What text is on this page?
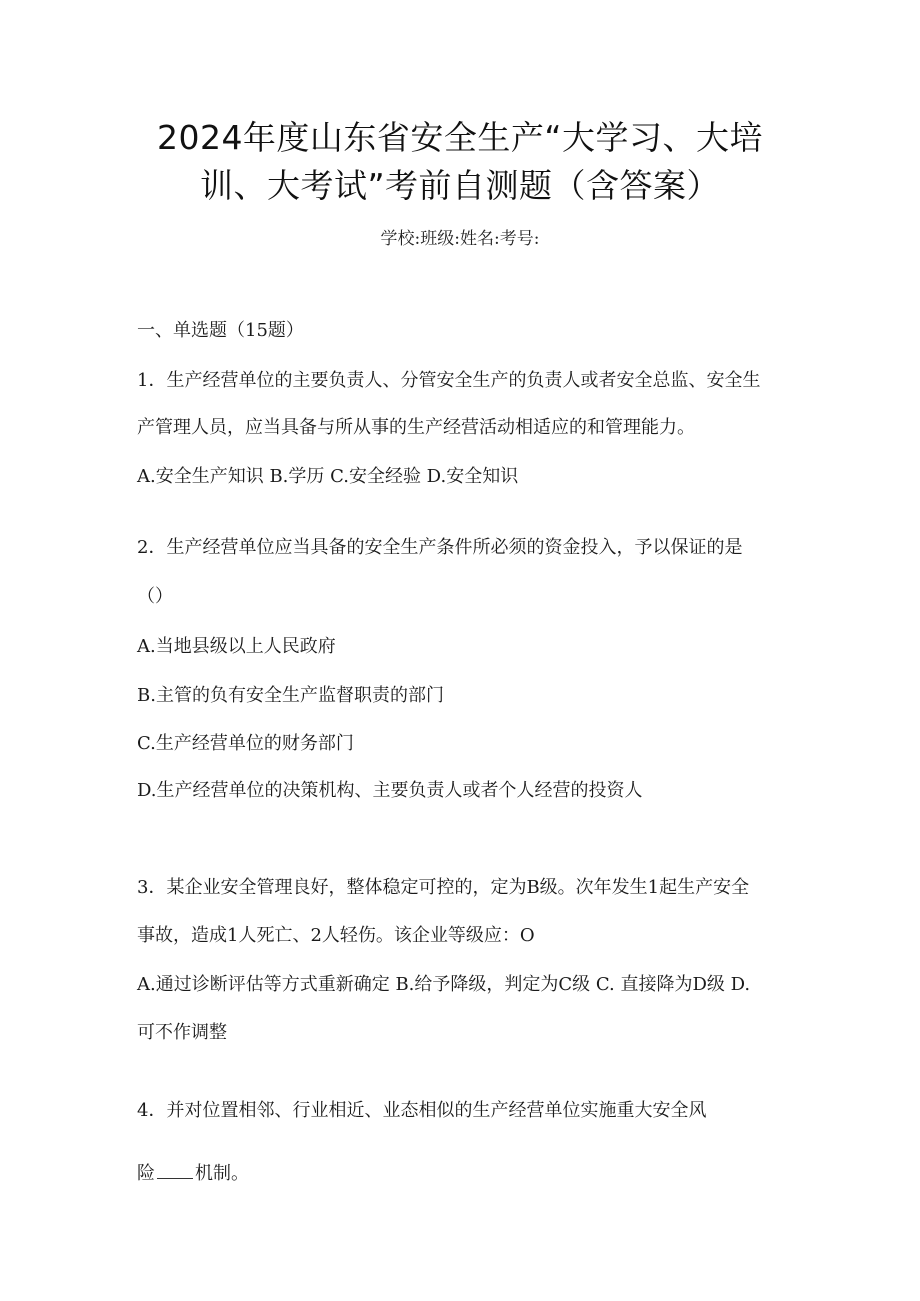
2024年度山东省安全生产“大学习、大培
训、大考试”考前自测题（含答案）
学校:班级:姓名:考号:
一、单选题（15题）
1．生产经营单位的主要负责人、分管安全生产的负责人或者安全总监、安全生
产管理人员，应当具备与所从事的生产经营活动相适应的和管理能力。
A.安全生产知识 B.学历 C.安全经验 D.安全知识
2．生产经营单位应当具备的安全生产条件所必须的资金投入，予以保证的是
（）
A.当地县级以上人民政府
B.主管的负有安全生产监督职责的部门
C.生产经营单位的财务部门
D.生产经营单位的决策机构、主要负责人或者个人经营的投资人
3．某企业安全管理良好，整体稳定可控的，定为B级。次年发生1起生产安全
事故，造成1人死亡、2人轻伤。该企业等级应：O
A.通过诊断评估等方式重新确定 B.给予降级，判定为C级 C. 直接降为D级 D.
可不作调整
4．并对位置相邻、行业相近、业态相似的生产经营单位实施重大安全风
险 机制。
